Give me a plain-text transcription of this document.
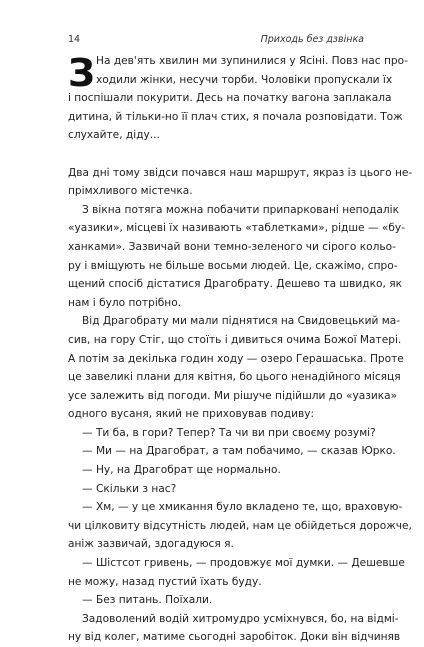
14	Приходь без дзвінка
З На дев'ять хвилин ми зупинилися у Ясіні. Повз нас про-
ходили жінки, несучи торби. Чоловіки пропускали їх
і поспішали покурити. Десь на початку вагона заплакала
дитина, й тільки-но її плач стих, я почала розповідати. Тож
слухайте, діду...
Два дні тому звідси почався наш маршрут, якраз із цього не-
прімхливого містечка.
З вікна потяга можна побачити припарковані неподалік
«уазики», місцеві їх називають «таблетками», рідше — «бу-
ханками». Зазвичай вони темно-зеленого чи сірого кольо-
ру і вміщують не більше восьми людей. Це, скажімо, спро-
щений спосіб дістатися Драгобрату. Дешево та швидко, як
нам і було потрібно.
Від Драгобрату ми мали піднятися на Свидовецький ма-
сив, на гору Стіг, що стоїть і дивиться очима Божої Матері.
А потім за декілька годин ходу — озеро Герашаська. Проте
це завеликі плани для квітня, бо цього ненадійного місяця
усе залежить від погоди. Ми рішуче підійшли до «уазика»
одного вусаня, який не приховував подиву:
— Ти ба, в гори? Тепер? Та чи ви при своєму розумі?
— Ми — на Драгобрат, а там побачимо, — сказав Юрко.
— Ну, на Драгобрат ще нормально.
— Скільки з нас?
— Хм, — у це хмикання було вкладено те, що, враховую-
чи цілковиту відсутність людей, нам це обійдеться дорожче,
аніж зазвичай, здогадуюся я.
— Шістсот гривень, — продовжує мої думки. — Дешевше
не можу, назад пустий їхать буду.
— Без питань. Поїхали.
Задоволений водій хитромудро усміхнувся, бо, на відмі-
ну від колег, матиме сьогодні заробіток. Доки він відчиняв
